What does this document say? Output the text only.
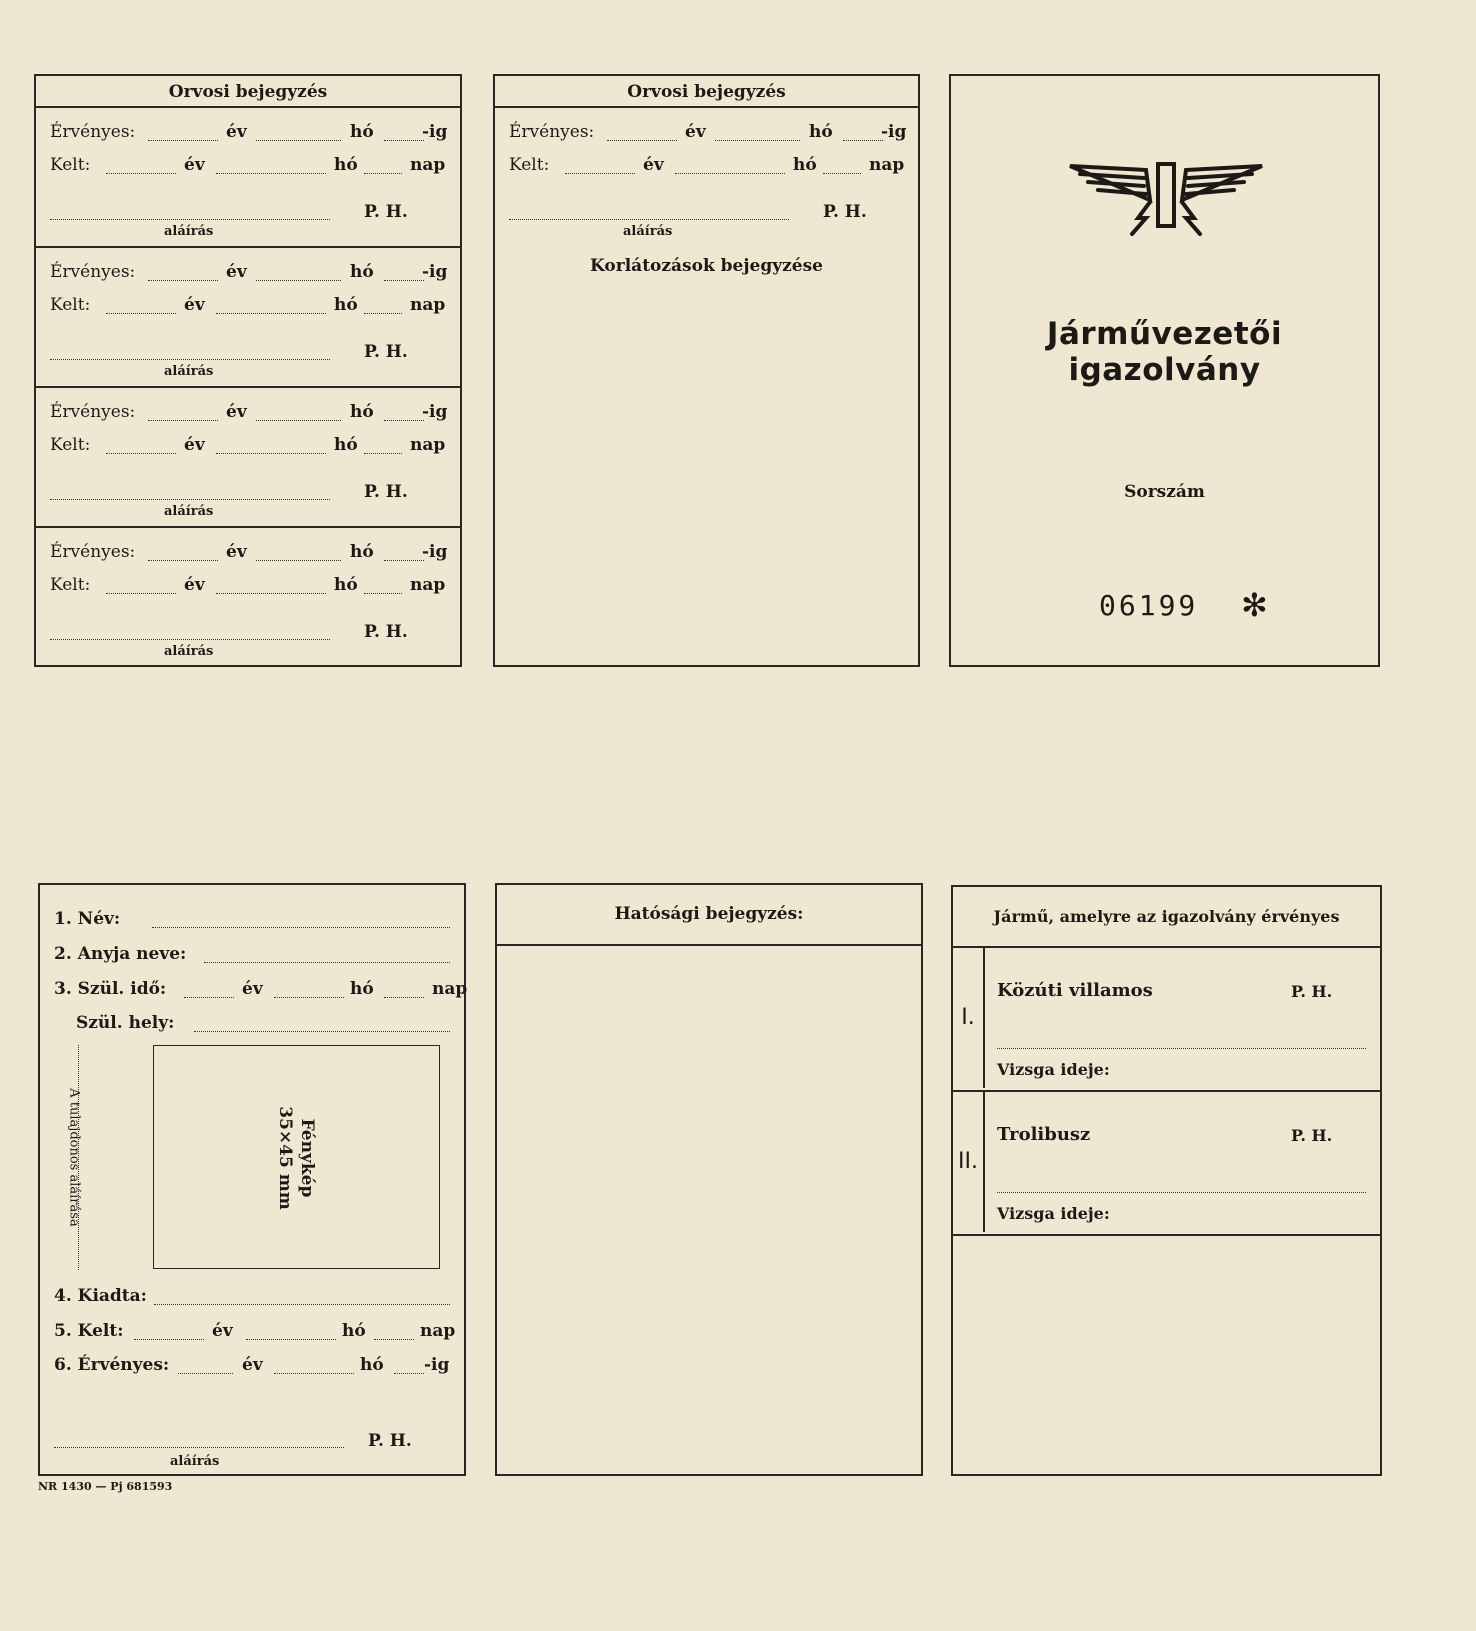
Orvosi bejegyzés
Érvényes:	év	hó	-ig
Kelt:	év	hó	nap
P. H.
aláírás
Érvényes:	év	hó	-ig
Kelt:	év	hó	nap
P. H.
aláírás
Érvényes:	év	hó	-ig
Kelt:	év	hó	nap
P. H.
aláírás
Érvényes:	év	hó	-ig
Kelt:	év	hó	nap
P. H.
aláírás
Orvosi bejegyzés
Érvényes:	év	hó	-ig
Kelt:	év	hó	nap
P. H.
aláírás
Korlátozások bejegyzése
Járművezetői igazolvány
Sorszám
06199 ✻
1. Név:
2. Anyja neve:
3. Szül. idő:	év	hó	nap
Szül. hely:
A tulajdonos aláírása	Fénykép
35×45 mm
4. Kiadta:
5. Kelt:	év	hó	nap
6. Érvényes:	év	hó -ig
P. H.
aláírás
NR 1430 — Pj 681593
Hatósági bejegyzés:	Jármű, amelyre az igazolvány érvényes
I.
Közúti villamos	P. H.
Vizsga ideje:
II.
Trolibusz	P. H.
Vizsga ideje:
